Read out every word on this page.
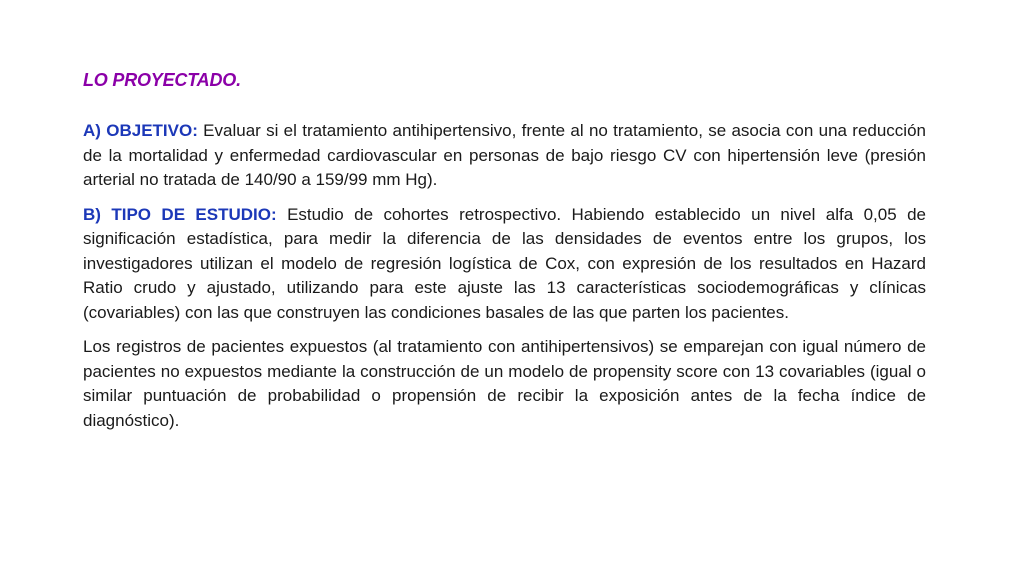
LO PROYECTADO.

A) OBJETIVO: Evaluar si el tratamiento antihipertensivo, frente al no tratamiento, se asocia con una reducción de la mortalidad y enfermedad cardiovascular en personas de bajo riesgo CV con hipertensión leve (presión arterial no tratada de 140/90 a 159/99 mm Hg).

B) TIPO DE ESTUDIO: Estudio de cohortes retrospectivo. Habiendo establecido un nivel alfa 0,05 de significación estadística, para medir la diferencia de las densidades de eventos entre los grupos, los investigadores utilizan el modelo de regresión logística de Cox, con expresión de los resultados en Hazard Ratio crudo y ajustado, utilizando para este ajuste las 13 características sociodemográficas y clínicas (covariables) con las que construyen las condiciones basales de las que parten los pacientes.

Los registros de pacientes expuestos (al tratamiento con antihipertensivos) se emparejan con igual número de pacientes no expuestos mediante la construcción de un modelo de propensity score con 13 covariables (igual o similar puntuación de probabilidad o propensión de recibir la exposición antes de la fecha índice de diagnóstico).
